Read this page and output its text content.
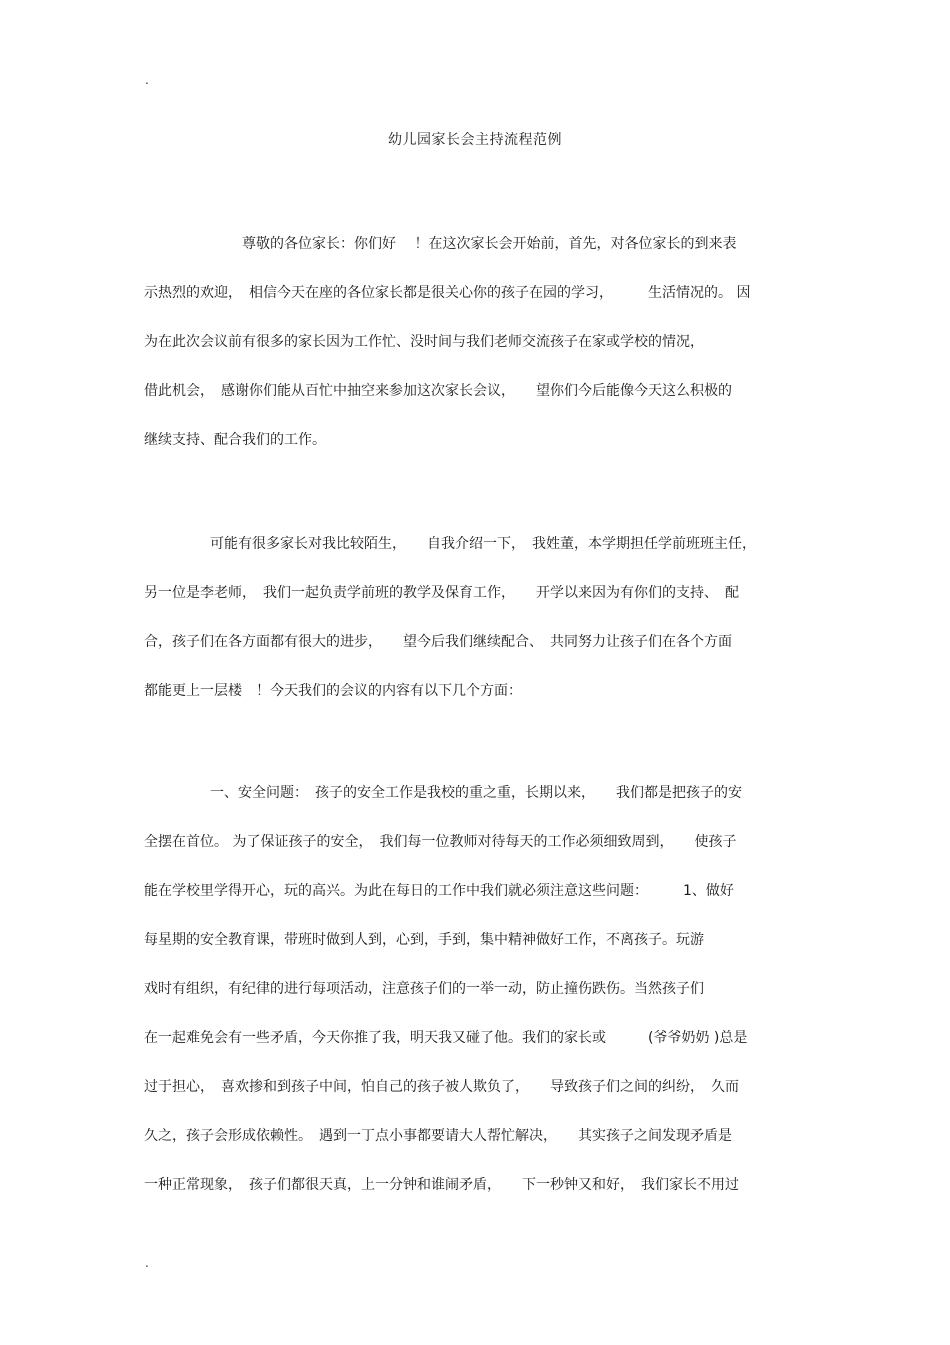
.
幼儿园家长会主持流程范例
尊敬的各位家长：你们好　 ！在这次家长会开始前，首先，对各位家长的到来表
示热烈的欢迎，　相信今天在座的各位家长都是很关心你的孩子在园的学习，　　　生活情况的。 因
为在此次会议前有很多的家长因为工作忙、没时间与我们老师交流孩子在家或学校的情况，
借此机会，　感谢你们能从百忙中抽空来参加这次家长会议，　　望你们今后能像今天这么积极的
继续支持、配合我们的工作。
可能有很多家长对我比较陌生，　　自我介绍一下，　我姓董，本学期担任学前班班主任，
另一位是李老师，　我们一起负责学前班的教学及保育工作，　　开学以来因为有你们的支持、　配
合，孩子们在各方面都有很大的进步，　　望今后我们继续配合、　共同努力让孩子们在各个方面
都能更上一层楼　！今天我们的会议的内容有以下几个方面：
一、安全问题：　孩子的安全工作是我校的重之重，长期以来，　　我们都是把孩子的安
全摆在首位。 为了保证孩子的安全，　我们每一位教师对待每天的工作必须细致周到，　　使孩子
能在学校里学得开心，玩的高兴。为此在每日的工作中我们就必须注意这些问题：　　　1、做好
每星期的安全教育课，带班时做到人到，心到，手到，集中精神做好工作，不离孩子。玩游
戏时有组织，有纪律的进行每项活动，注意孩子们的一举一动，防止撞伤跌伤。当然孩子们
在一起难免会有一些矛盾，今天你推了我，明天我又碰了他。我们的家长或　　　(爷爷奶奶 )总是
过于担心，　喜欢掺和到孩子中间，怕自己的孩子被人欺负了，　　导致孩子们之间的纠纷，　久而
久之，孩子会形成依赖性。　遇到一丁点小事都要请大人帮忙解决，　　其实孩子之间发现矛盾是
一种正常现象，　孩子们都很天真，上一分钟和谁闹矛盾，　　下一秒钟又和好，　我们家长不用过
.
